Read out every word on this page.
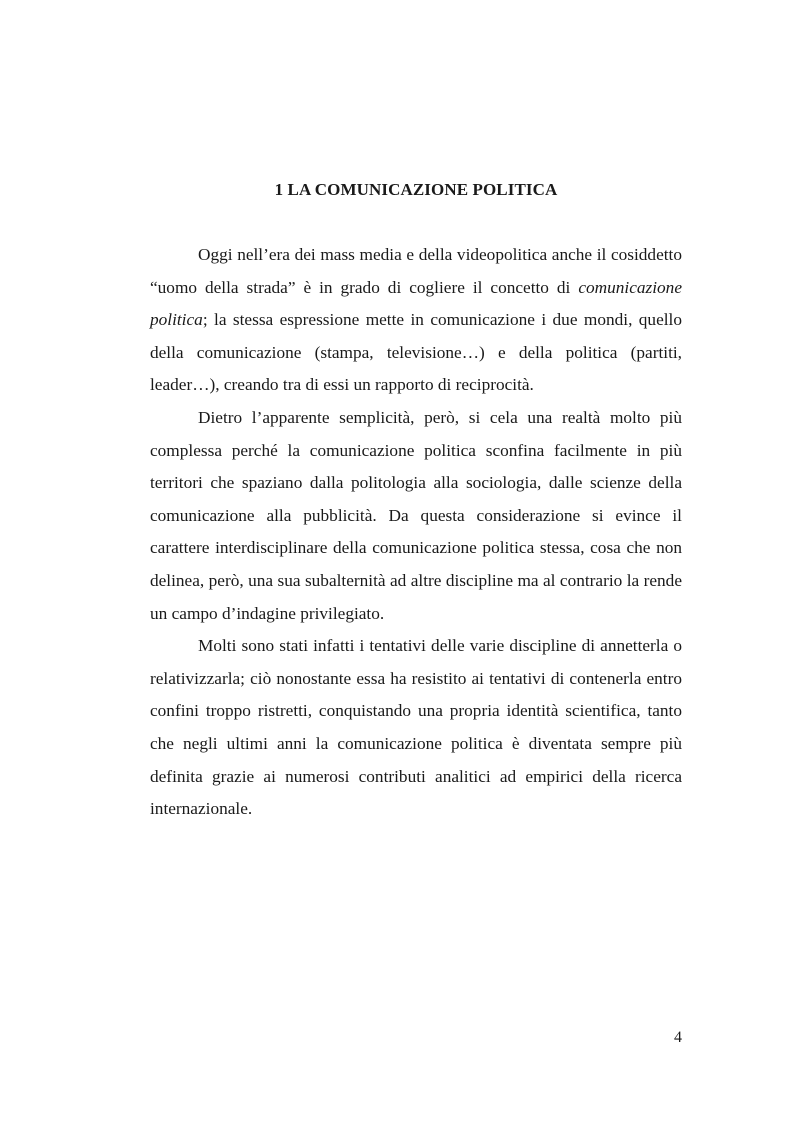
1 LA COMUNICAZIONE POLITICA

Oggi nell’era dei mass media e della videopolitica anche il cosiddetto “uomo della strada” è in grado di cogliere il concetto di comunicazione politica; la stessa espressione mette in comunicazione i due mondi, quello della comunicazione (stampa, televisione…) e della politica (partiti, leader…), creando tra di essi un rapporto di reciprocità.

Dietro l’apparente semplicità, però, si cela una realtà molto più complessa perché la comunicazione politica sconfina facilmente in più territori che spaziano dalla politologia alla sociologia, dalle scienze della comunicazione alla pubblicità. Da questa considerazione si evince il carattere interdisciplinare della comunicazione politica stessa, cosa che non delinea, però, una sua subalternità ad altre discipline ma al contrario la rende un campo d’indagine privilegiato.

Molti sono stati infatti i tentativi delle varie discipline di annetterla o relativizzarla; ciò nonostante essa ha resistito ai tentativi di contenerla entro confini troppo ristretti, conquistando una propria identità scientifica, tanto che negli ultimi anni la comunicazione politica è diventata sempre più definita grazie ai numerosi contributi analitici ad empirici della ricerca internazionale.

4
